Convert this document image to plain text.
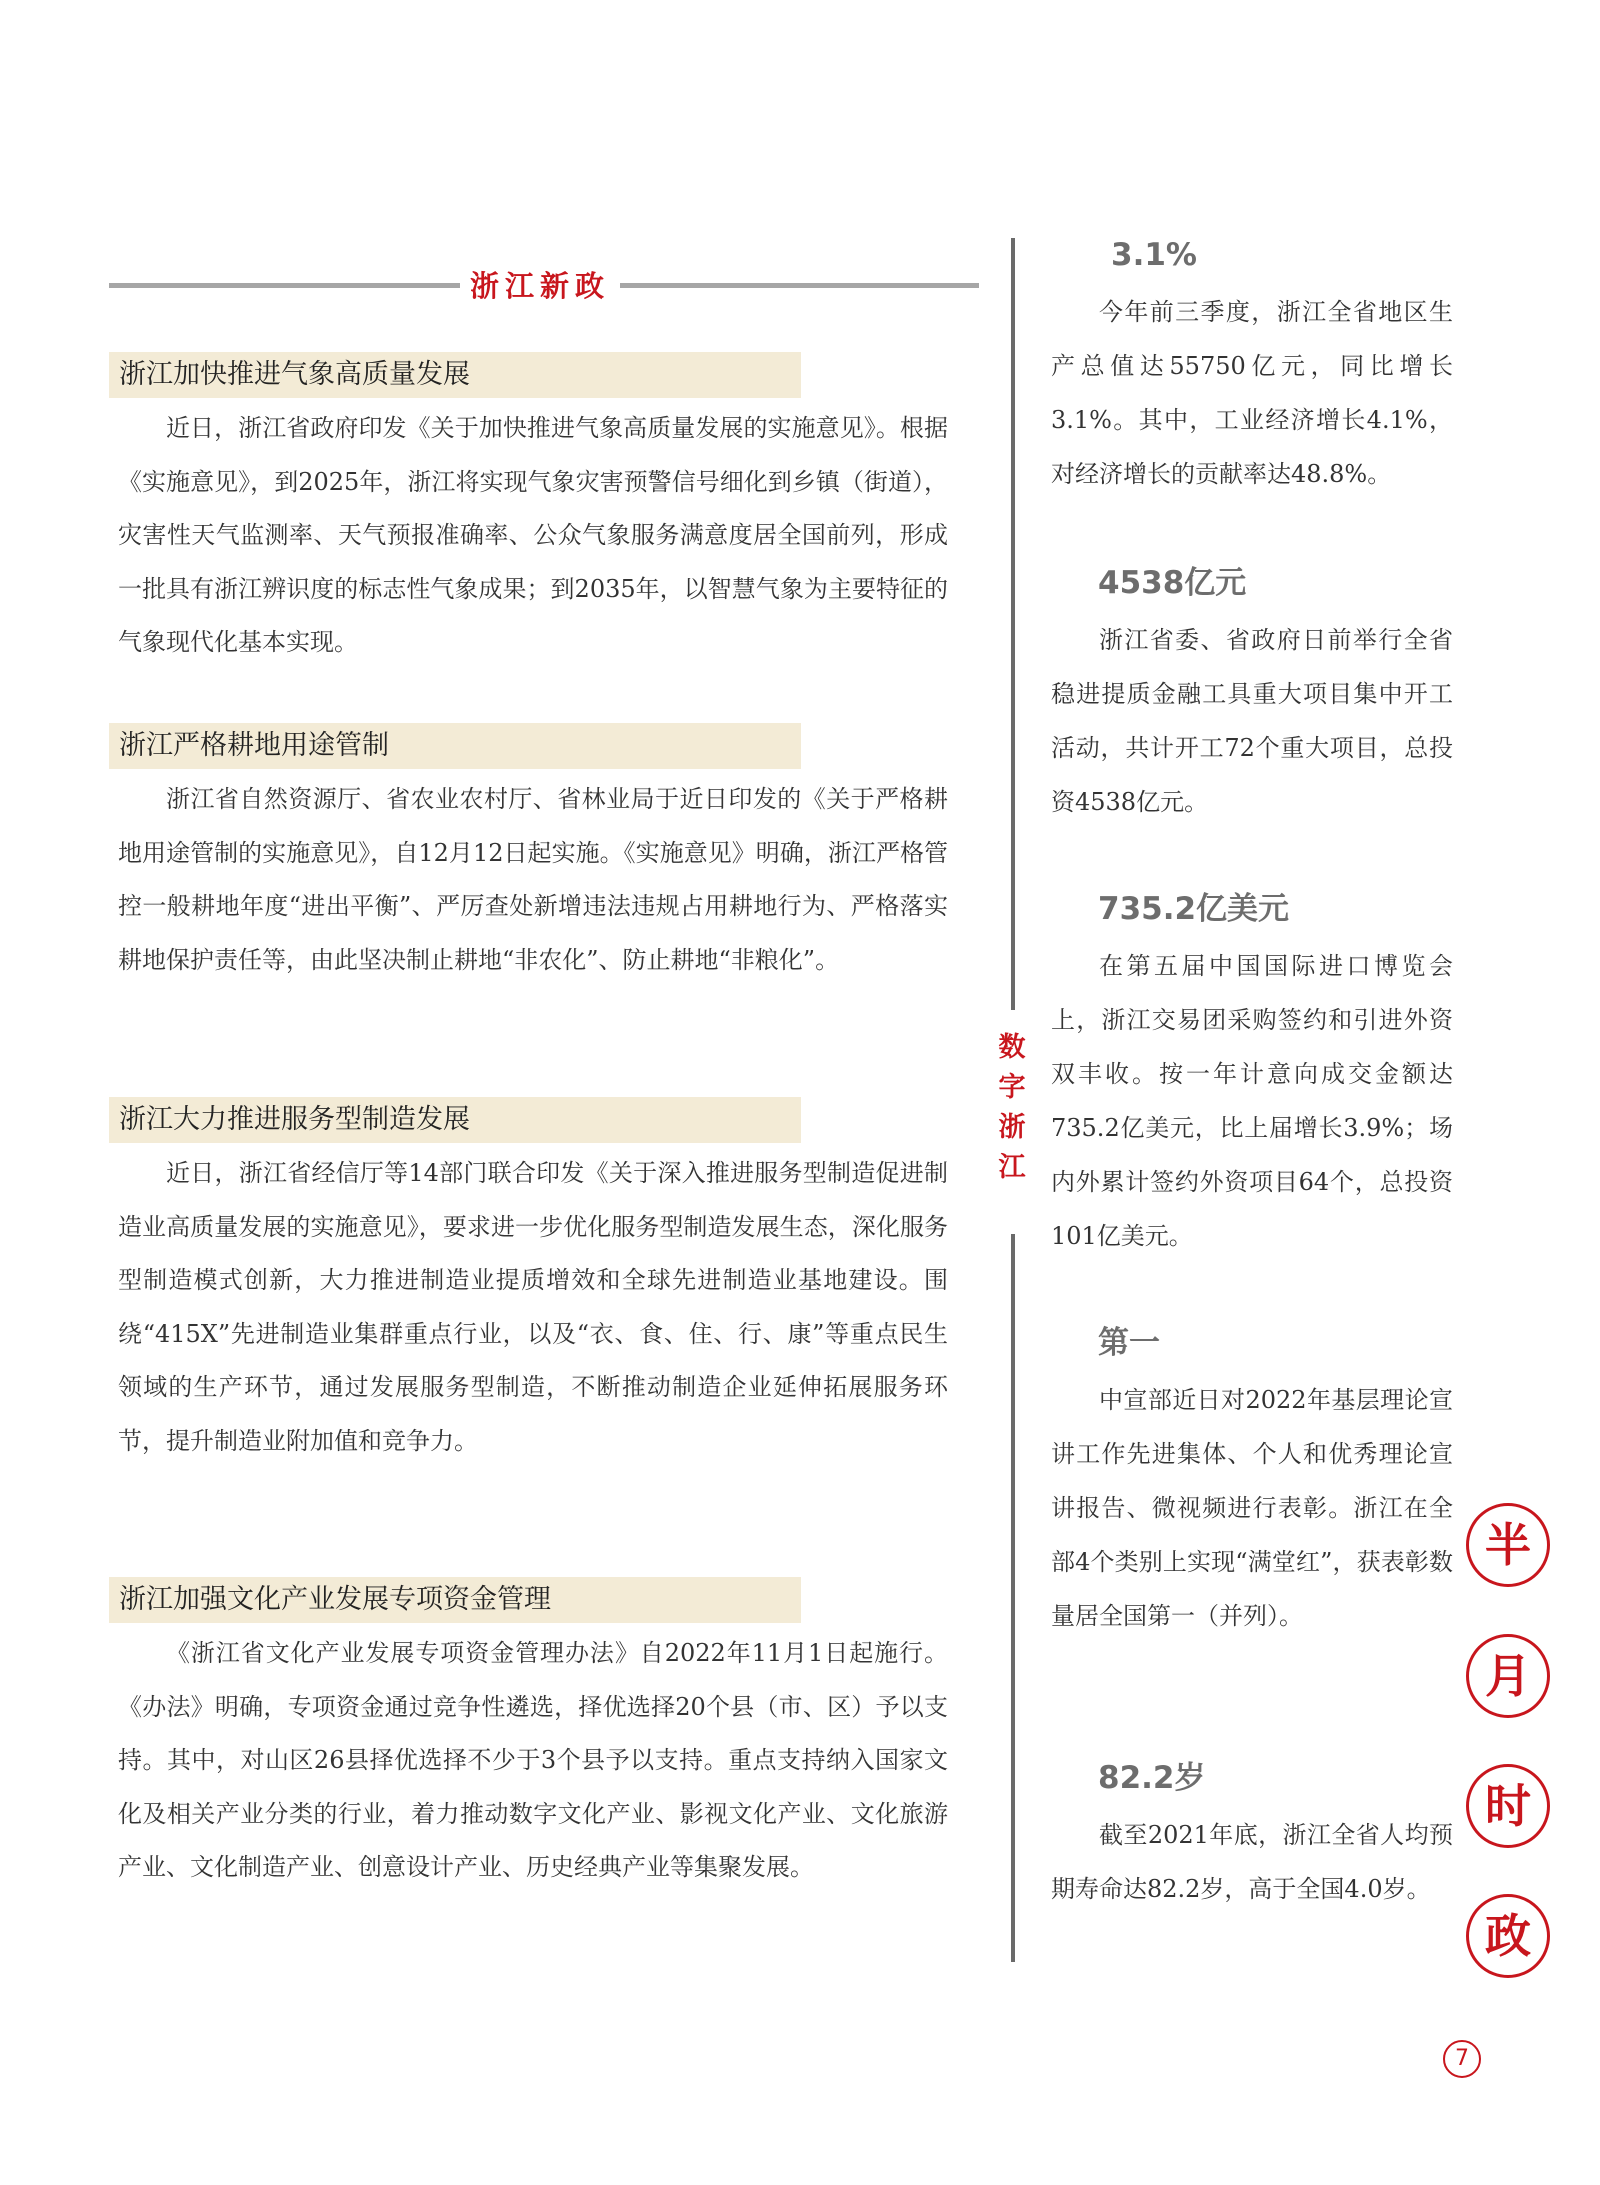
浙江新政
浙江加快推进气象高质量发展

近日，浙江省政府印发《关于加快推进气象高质量发展的实施意见》。根据《实施意见》，到2025年，浙江将实现气象灾害预警信号细化到乡镇（街道），灾害性天气监测率、天气预报准确率、公众气象服务满意度居全国前列，形成一批具有浙江辨识度的标志性气象成果；到2035年，以智慧气象为主要特征的气象现代化基本实现。

浙江严格耕地用途管制

浙江省自然资源厅、省农业农村厅、省林业局于近日印发的《关于严格耕地用途管制的实施意见》，自12月12日起实施。《实施意见》明确，浙江严格管控一般耕地年度“进出平衡”、严厉查处新增违法违规占用耕地行为、严格落实耕地保护责任等，由此坚决制止耕地“非农化”、防止耕地“非粮化”。

浙江大力推进服务型制造发展

近日，浙江省经信厅等14部门联合印发《关于深入推进服务型制造促进制造业高质量发展的实施意见》，要求进一步优化服务型制造发展生态，深化服务型制造模式创新，大力推进制造业提质增效和全球先进制造业基地建设。围绕“415X”先进制造业集群重点行业，以及“衣、食、住、行、康”等重点民生领域的生产环节，通过发展服务型制造，不断推动制造企业延伸拓展服务环节，提升制造业附加值和竞争力。

浙江加强文化产业发展专项资金管理

《浙江省文化产业发展专项资金管理办法》自2022年11月1日起施行。《办法》明确，专项资金通过竞争性遴选，择优选择20个县（市、区）予以支持。其中，对山区26县择优选择不少于3个县予以支持。重点支持纳入国家文化及相关产业分类的行业，着力推动数字文化产业、影视文化产业、文化旅游产业、文化制造产业、创意设计产业、历史经典产业等集聚发展。

数
字
浙
江
3.1%

今年前三季度，浙江全省地区生产总值达55750亿元，同比增长3.1%。其中，工业经济增长4.1%，对经济增长的贡献率达48.8%。

4538亿元

浙江省委、省政府日前举行全省稳进提质金融工具重大项目集中开工活动，共计开工72个重大项目，总投资4538亿元。

735.2亿美元

在第五届中国国际进口博览会上，浙江交易团采购签约和引进外资双丰收。按一年计意向成交金额达735.2亿美元，比上届增长3.9%；场内外累计签约外资项目64个，总投资101亿美元。

第一

中宣部近日对2022年基层理论宣讲工作先进集体、个人和优秀理论宣讲报告、微视频进行表彰。浙江在全部4个类别上实现“满堂红”，获表彰数量居全国第一（并列）。

82.2岁

截至2021年底，浙江全省人均预期寿命达82.2岁，高于全国4.0岁。

半
月
时
政
7
